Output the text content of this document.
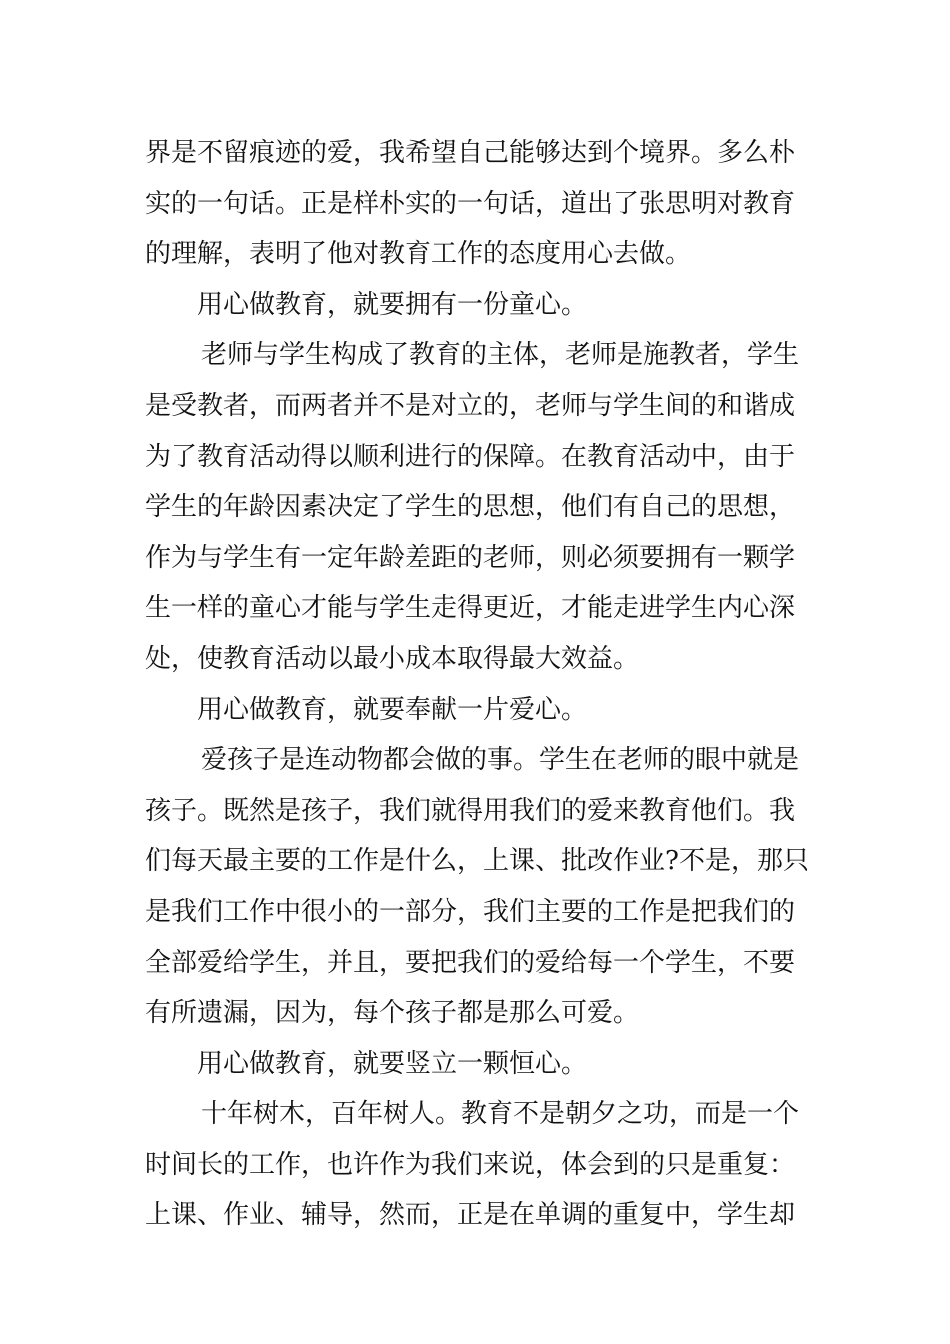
界是不留痕迹的爱，我希望自己能够达到个境界。多么朴
实的一句话。正是样朴实的一句话，道出了张思明对教育
的理解，表明了他对教育工作的态度用心去做。
用心做教育，就要拥有一份童心。
老师与学生构成了教育的主体，老师是施教者，学生
是受教者，而两者并不是对立的，老师与学生间的和谐成
为了教育活动得以顺利进行的保障。在教育活动中，由于
学生的年龄因素决定了学生的思想，他们有自己的思想，
作为与学生有一定年龄差距的老师，则必须要拥有一颗学
生一样的童心才能与学生走得更近，才能走进学生内心深
处，使教育活动以最小成本取得最大效益。
用心做教育，就要奉献一片爱心。
爱孩子是连动物都会做的事。学生在老师的眼中就是
孩子。既然是孩子，我们就得用我们的爱来教育他们。我
们每天最主要的工作是什么，上课、批改作业?不是，那只
是我们工作中很小的一部分，我们主要的工作是把我们的
全部爱给学生，并且，要把我们的爱给每一个学生，不要
有所遗漏，因为，每个孩子都是那么可爱。
用心做教育，就要竖立一颗恒心。
十年树木，百年树人。教育不是朝夕之功，而是一个
时间长的工作，也许作为我们来说，体会到的只是重复：
上课、作业、辅导，然而，正是在单调的重复中，学生却
